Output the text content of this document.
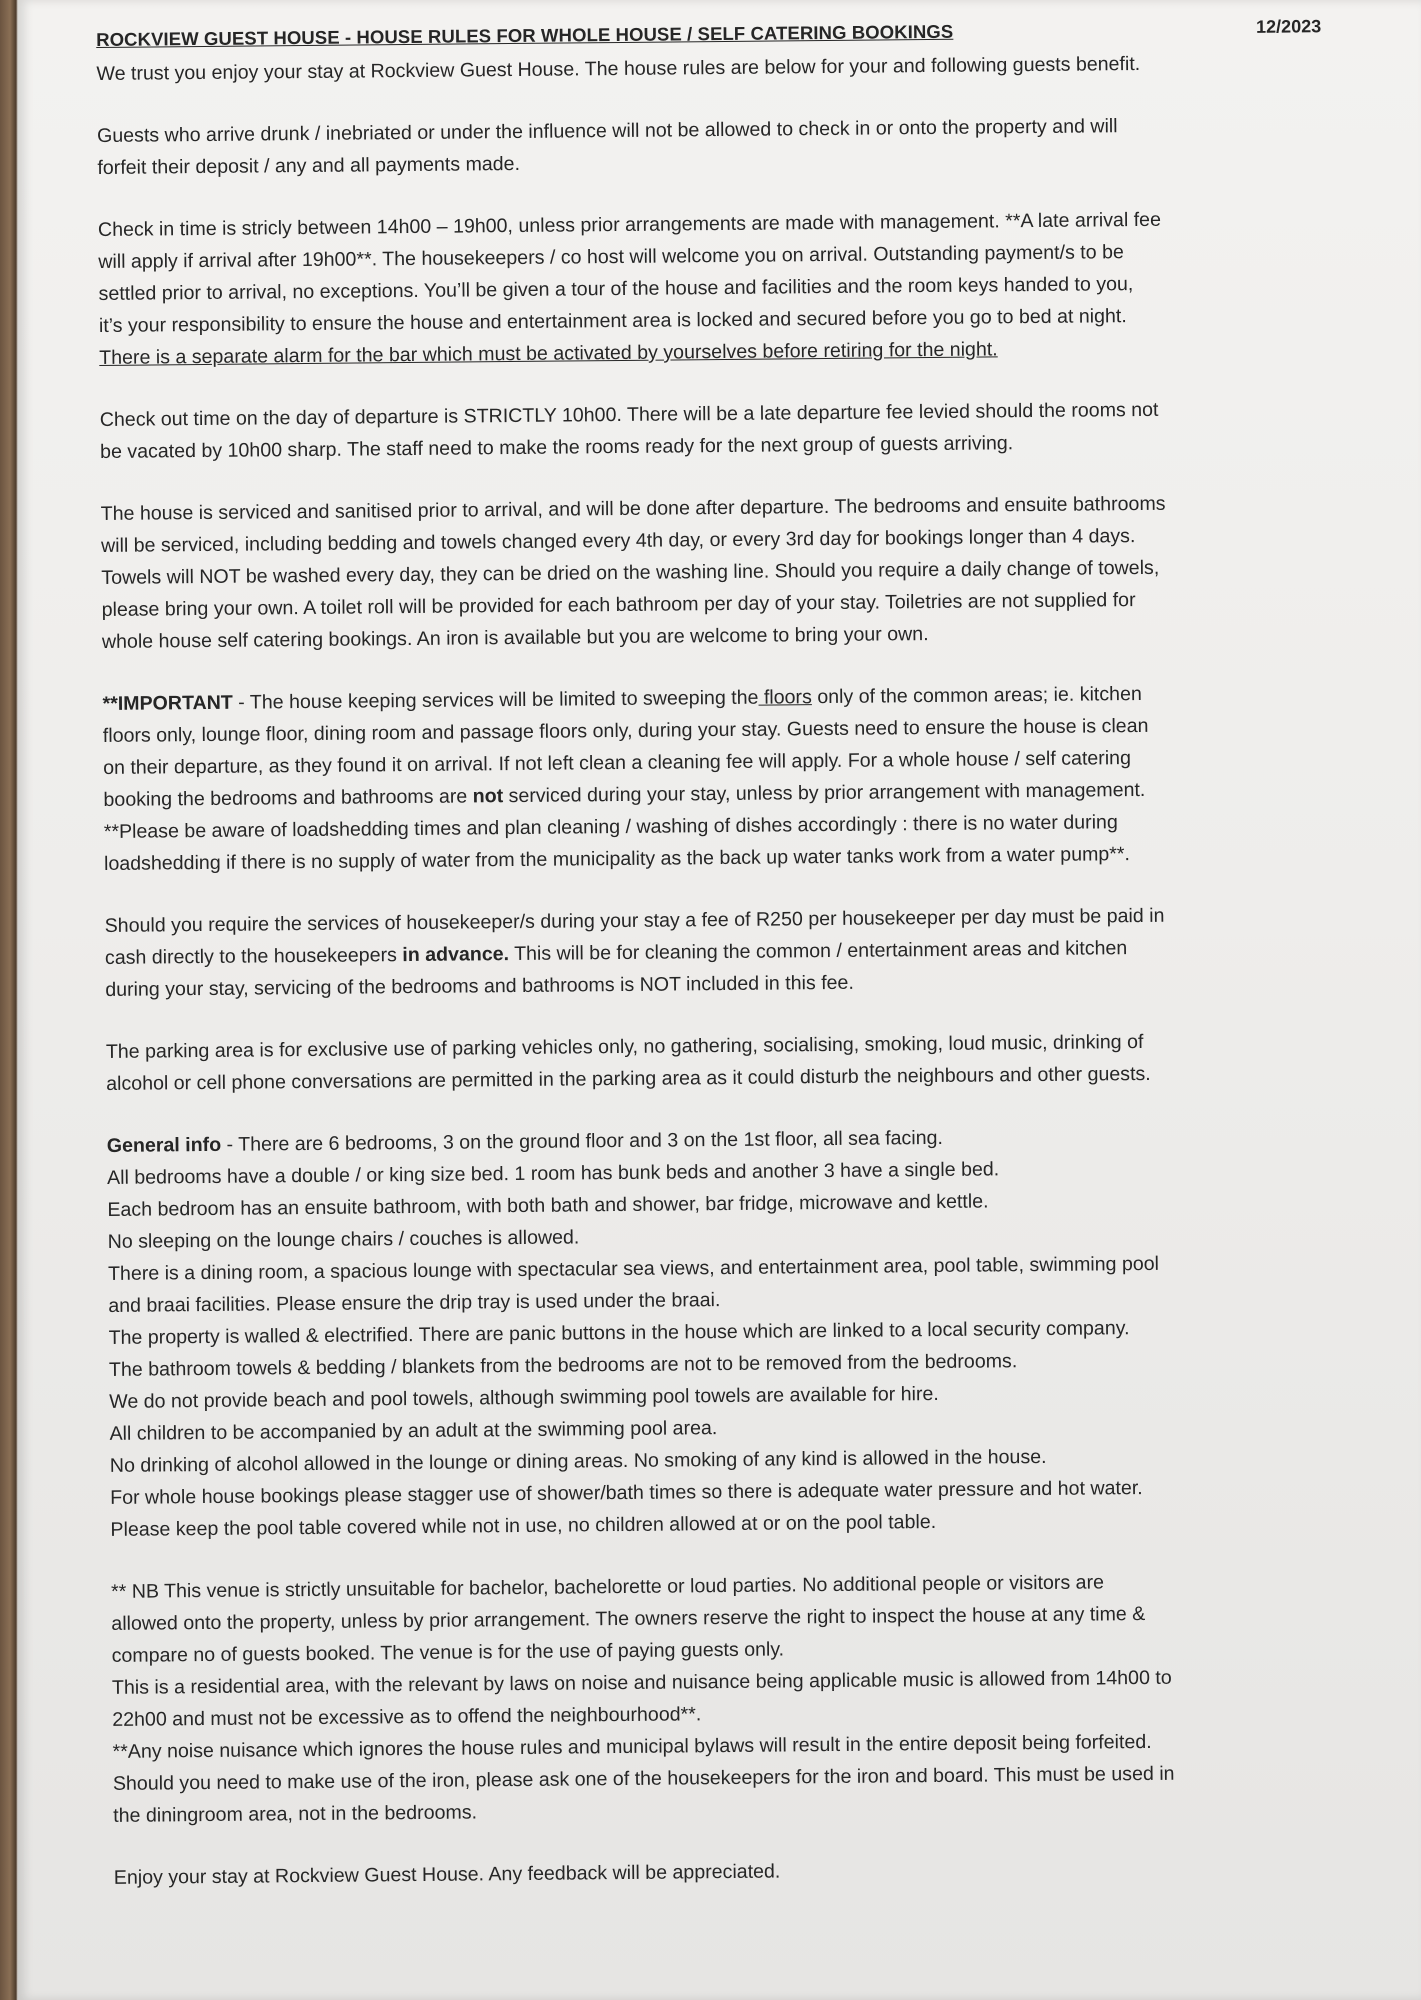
ROCKVIEW GUEST HOUSE - HOUSE RULES FOR WHOLE HOUSE / SELF CATERING BOOKINGS	12/2023
We trust you enjoy your stay at Rockview Guest House. The house rules are below for your and following guests benefit.
Guests who arrive drunk / inebriated or under the influence will not be allowed to check in or onto the property and will
forfeit their deposit / any and all payments made.
Check in time is stricly between 14h00 – 19h00, unless prior arrangements are made with management. **A late arrival fee
will apply if arrival after 19h00**. The housekeepers / co host will welcome you on arrival. Outstanding payment/s to be
settled prior to arrival, no exceptions. You’ll be given a tour of the house and facilities and the room keys handed to you,
it’s your responsibility to ensure the house and entertainment area is locked and secured before you go to bed at night.
There is a separate alarm for the bar which must be activated by yourselves before retiring for the night.
Check out time on the day of departure is STRICTLY 10h00. There will be a late departure fee levied should the rooms not
be vacated by 10h00 sharp. The staff need to make the rooms ready for the next group of guests arriving.
The house is serviced and sanitised prior to arrival, and will be done after departure. The bedrooms and ensuite bathrooms
will be serviced, including bedding and towels changed every 4th day, or every 3rd day for bookings longer than 4 days.
Towels will NOT be washed every day, they can be dried on the washing line. Should you require a daily change of towels,
please bring your own. A toilet roll will be provided for each bathroom per day of your stay. Toiletries are not supplied for
whole house self catering bookings. An iron is available but you are welcome to bring your own.
**IMPORTANT - The house keeping services will be limited to sweeping the floors only of the common areas; ie. kitchen
floors only, lounge floor, dining room and passage floors only, during your stay. Guests need to ensure the house is clean
on their departure, as they found it on arrival. If not left clean a cleaning fee will apply. For a whole house / self catering
booking the bedrooms and bathrooms are not serviced during your stay, unless by prior arrangement with management.
**Please be aware of loadshedding times and plan cleaning / washing of dishes accordingly : there is no water during
loadshedding if there is no supply of water from the municipality as the back up water tanks work from a water pump**.
Should you require the services of housekeeper/s during your stay a fee of R250 per housekeeper per day must be paid in
cash directly to the housekeepers in advance. This will be for cleaning the common / entertainment areas and kitchen
during your stay, servicing of the bedrooms and bathrooms is NOT included in this fee.
The parking area is for exclusive use of parking vehicles only, no gathering, socialising, smoking, loud music, drinking of
alcohol or cell phone conversations are permitted in the parking area as it could disturb the neighbours and other guests.
General info - There are 6 bedrooms, 3 on the ground floor and 3 on the 1st floor, all sea facing.
All bedrooms have a double / or king size bed. 1 room has bunk beds and another 3 have a single bed.
Each bedroom has an ensuite bathroom, with both bath and shower, bar fridge, microwave and kettle.
No sleeping on the lounge chairs / couches is allowed.
There is a dining room, a spacious lounge with spectacular sea views, and entertainment area, pool table, swimming pool
and braai facilities. Please ensure the drip tray is used under the braai.
The property is walled & electrified. There are panic buttons in the house which are linked to a local security company.
The bathroom towels & bedding / blankets from the bedrooms are not to be removed from the bedrooms.
We do not provide beach and pool towels, although swimming pool towels are available for hire.
All children to be accompanied by an adult at the swimming pool area.
No drinking of alcohol allowed in the lounge or dining areas. No smoking of any kind is allowed in the house.
For whole house bookings please stagger use of shower/bath times so there is adequate water pressure and hot water.
Please keep the pool table covered while not in use, no children allowed at or on the pool table.
** NB This venue is strictly unsuitable for bachelor, bachelorette or loud parties. No additional people or visitors are
allowed onto the property, unless by prior arrangement. The owners reserve the right to inspect the house at any time &
compare no of guests booked. The venue is for the use of paying guests only.
This is a residential area, with the relevant by laws on noise and nuisance being applicable music is allowed from 14h00 to
22h00 and must not be excessive as to offend the neighbourhood**.
**Any noise nuisance which ignores the house rules and municipal bylaws will result in the entire deposit being forfeited.
Should you need to make use of the iron, please ask one of the housekeepers for the iron and board. This must be used in
the diningroom area, not in the bedrooms.
Enjoy your stay at Rockview Guest House. Any feedback will be appreciated.
